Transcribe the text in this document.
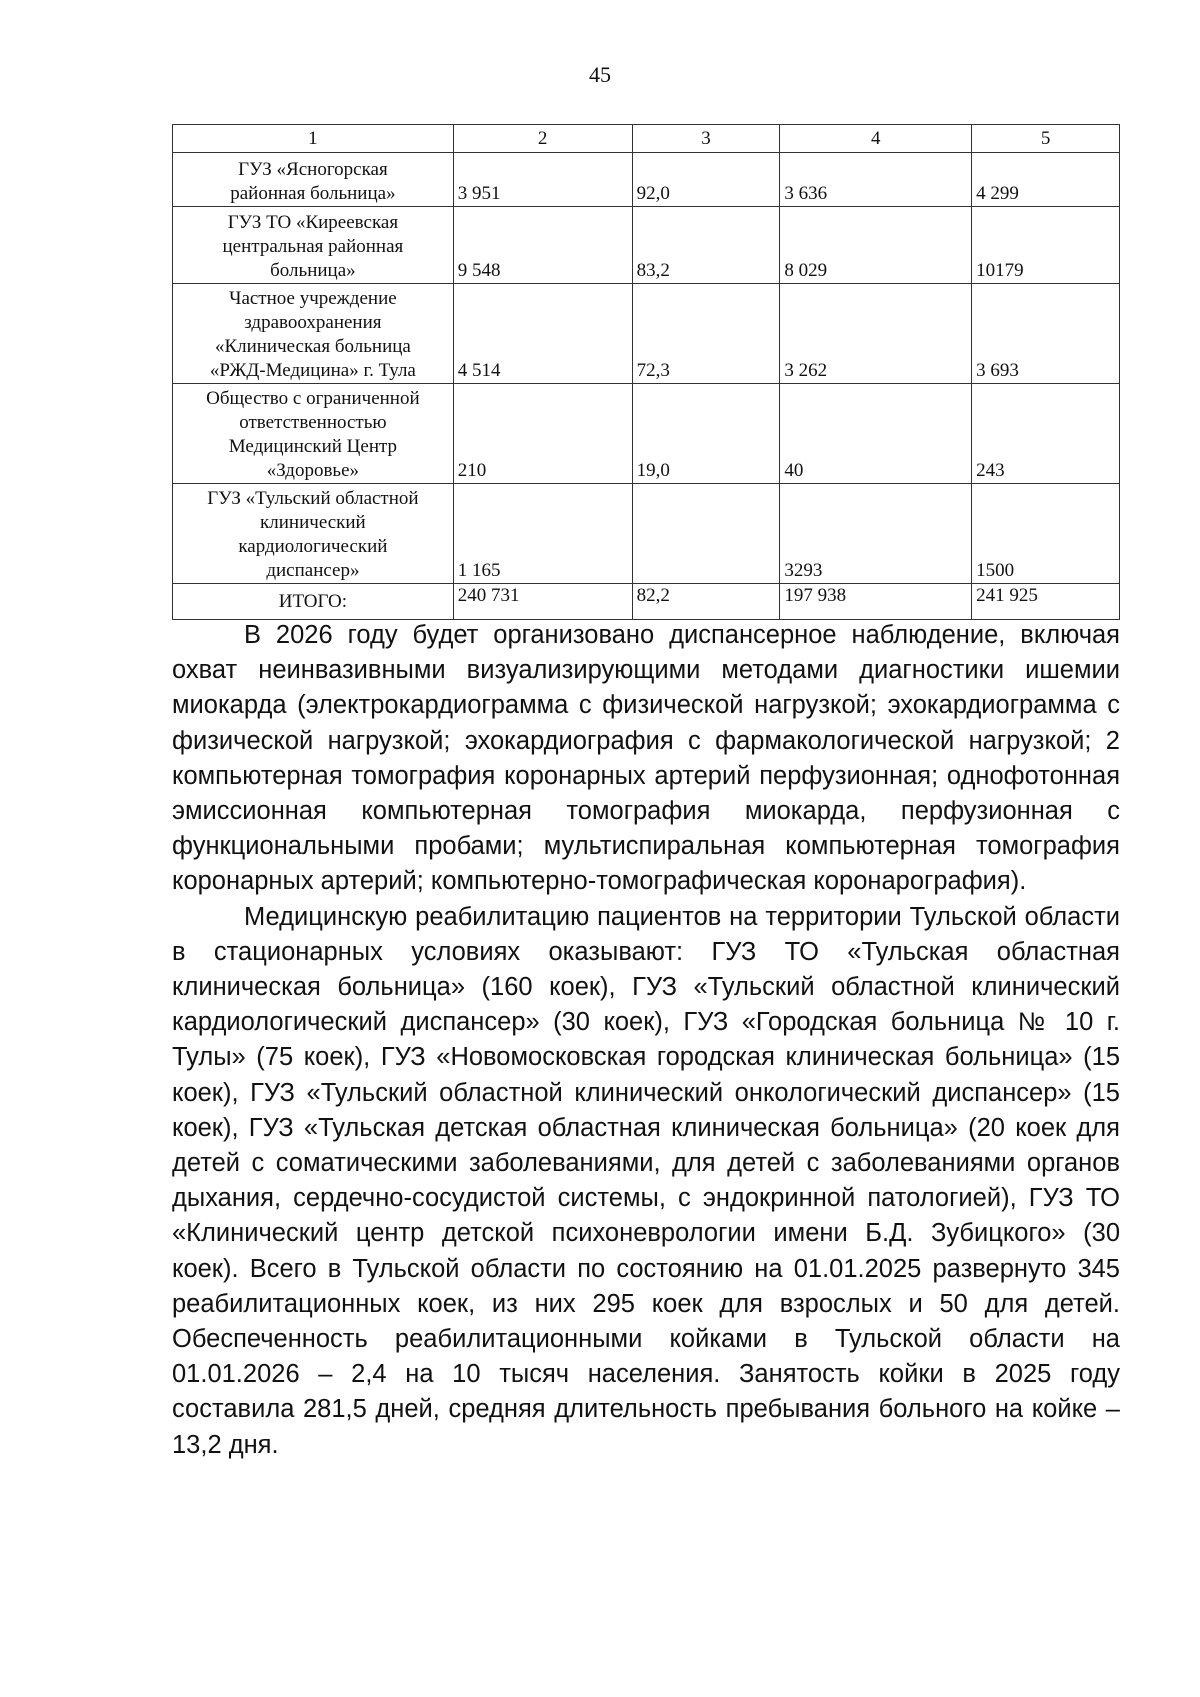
45
1	2	3	4	5
ГУЗ «Ясногорская
районная больница»	3 951	92,0	3 636	4 299
ГУЗ ТО «Киреевская
центральная районная
больница»	9 548	83,2	8 029	10179
Частное учреждение
здравоохранения
«Клиническая больница
«РЖД-Медицина» г. Тула	4 514	72,3	3 262	3 693
Общество с ограниченной
ответственностью
Медицинский Центр
«Здоровье»	210	19,0	40	243
ГУЗ «Тульский областной
клинический
кардиологический
диспансер»	1 165		3293	1500
ИТОГО:	240 731	82,2	197 938	241 925

В 2026 году будет организовано диспансерное наблюдение, включая охват неинвазивными визуализирующими методами диагностики ишемии миокарда (электрокардиограмма с физической нагрузкой; эхокардиограмма с физической нагрузкой; эхокардиография с фармакологической нагрузкой; 2 компьютерная томография коронарных артерий перфузионная; однофотонная эмиссионная компьютерная томография миокарда, перфузионная с функциональными пробами; мультиспиральная компьютерная томография коронарных артерий; компьютерно-томографическая коронарография).

Медицинскую реабилитацию пациентов на территории Тульской области в стационарных условиях оказывают: ГУЗ ТО «Тульская областная клиническая больница» (160 коек), ГУЗ «Тульский областной клинический кардиологический диспансер» (30 коек), ГУЗ «Городская больница № 10 г. Тулы» (75 коек), ГУЗ «Новомосковская городская клиническая больница» (15 коек), ГУЗ «Тульский областной клинический онкологический диспансер» (15 коек), ГУЗ «Тульская детская областная клиническая больница» (20 коек для детей с соматическими заболеваниями, для детей с заболеваниями органов дыхания, сердечно-сосудистой системы, с эндокринной патологией), ГУЗ ТО «Клинический центр детской психоневрологии имени Б.Д. Зубицкого» (30 коек). Всего в Тульской области по состоянию на 01.01.2025 развернуто 345 реабилитационных коек, из них 295 коек для взрослых и 50 для детей. Обеспеченность реабилитационными койками в Тульской области на 01.01.2026 – 2,4 на 10 тысяч населения. Занятость койки в 2025 году составила 281,5 дней, средняя длительность пребывания больного на койке – 13,2 дня.
